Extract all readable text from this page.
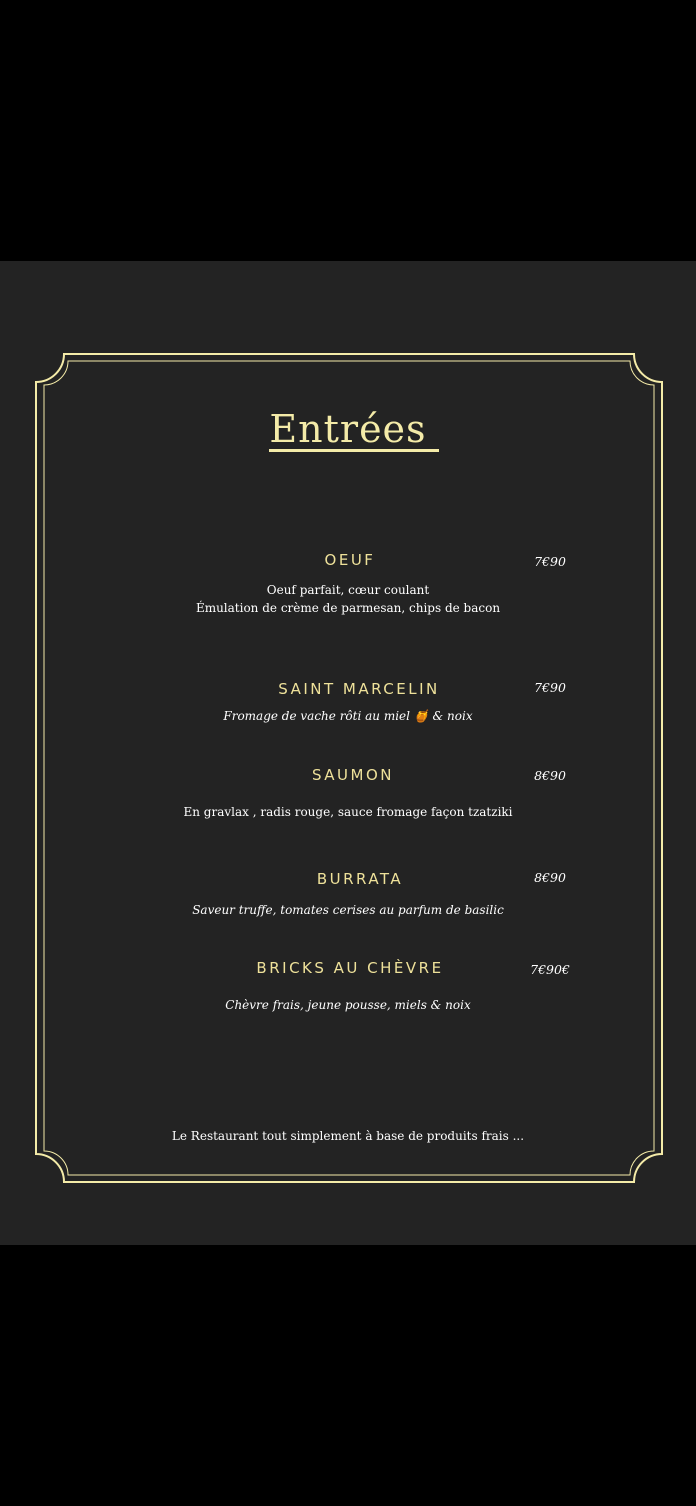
Entrées
OEUF	7€90
Oeuf parfait, cœur coulant
Émulation de crème de parmesan, chips de bacon
SAINT MARCELIN	7€90
Fromage de vache rôti au miel 🍯 & noix
SAUMON	8€90
En gravlax , radis rouge, sauce fromage façon tzatziki
BURRATA	8€90
Saveur truffe, tomates cerises au parfum de basilic
BRICKS AU CHÈVRE	7€90€
Chèvre frais, jeune pousse, miels & noix
Le Restaurant tout simplement à base de produits frais ...
